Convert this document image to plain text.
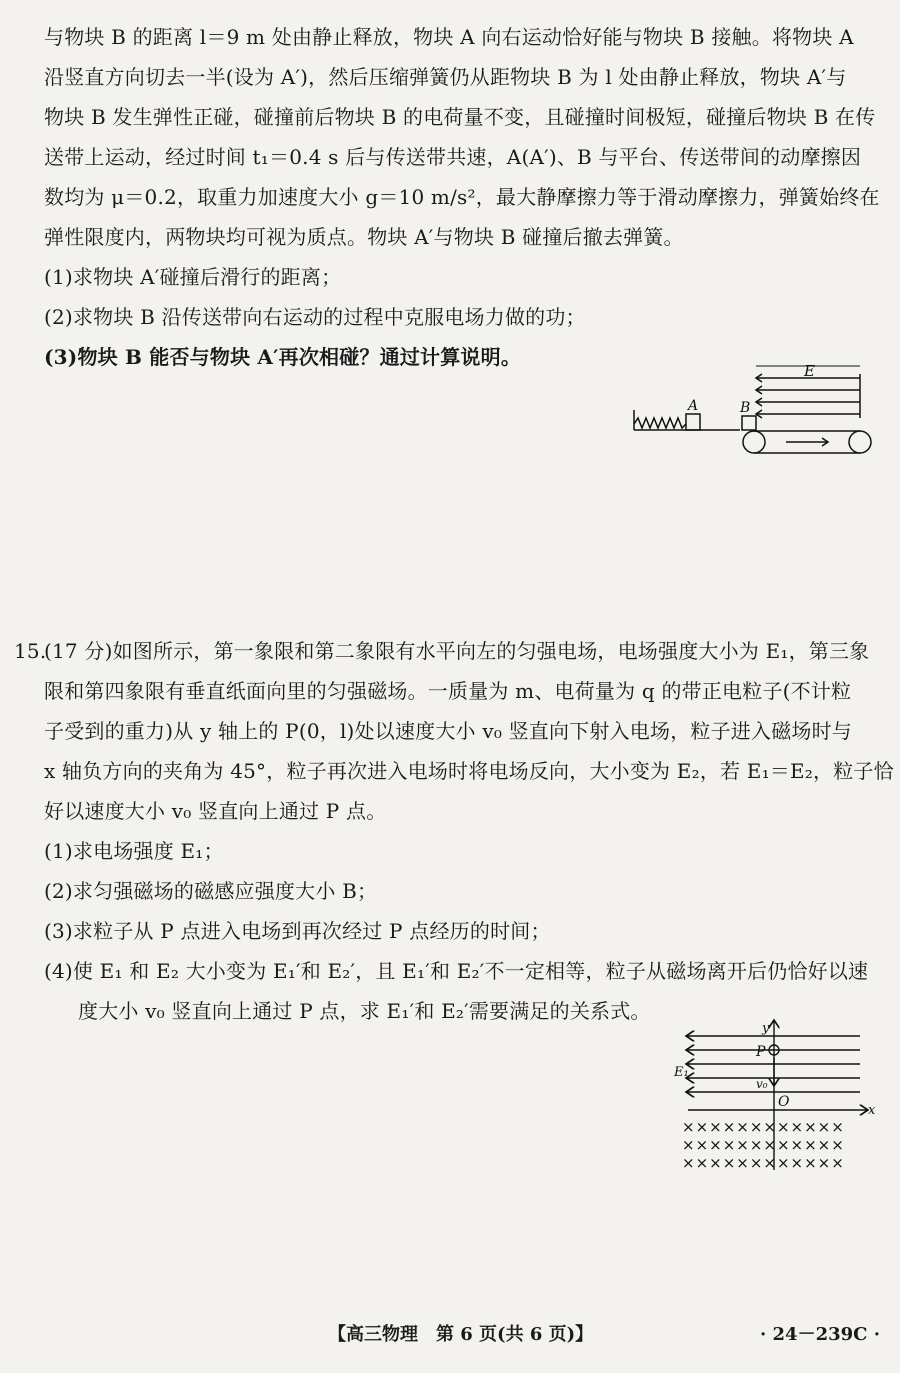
与物块 B 的距离 l＝9 m 处由静止释放，物块 A 向右运动恰好能与物块 B 接触。将物块 A
沿竖直方向切去一半(设为 A′)，然后压缩弹簧仍从距物块 B 为 l 处由静止释放，物块 A′与
物块 B 发生弹性正碰，碰撞前后物块 B 的电荷量不变，且碰撞时间极短，碰撞后物块 B 在传
送带上运动，经过时间 t₁＝0.4 s 后与传送带共速，A(A′)、B 与平台、传送带间的动摩擦因
数均为 μ＝0.2，取重力加速度大小 g＝10 m/s²，最大静摩擦力等于滑动摩擦力，弹簧始终在
弹性限度内，两物块均可视为质点。物块 A′与物块 B 碰撞后撤去弹簧。
(1)求物块 A′碰撞后滑行的距离；
(2)求物块 B 沿传送带向右运动的过程中克服电场力做的功；
(3)物块 B 能否与物块 A′再次相碰？通过计算说明。
E
A	B
15.
(17 分)如图所示，第一象限和第二象限有水平向左的匀强电场，电场强度大小为 E₁，第三象
限和第四象限有垂直纸面向里的匀强磁场。一质量为 m、电荷量为 q 的带正电粒子(不计粒
子受到的重力)从 y 轴上的 P(0，l)处以速度大小 v₀ 竖直向下射入电场，粒子进入磁场时与
x 轴负方向的夹角为 45°，粒子再次进入电场时将电场反向，大小变为 E₂，若 E₁＝E₂，粒子恰
好以速度大小 v₀ 竖直向上通过 P 点。
(1)求电场强度 E₁；
(2)求匀强磁场的磁感应强度大小 B；
(3)求粒子从 P 点进入电场到再次经过 P 点经历的时间；
(4)使 E₁ 和 E₂ 大小变为 E₁′和 E₂′，且 E₁′和 E₂′不一定相等，粒子从磁场离开后仍恰好以速
度大小 v₀ 竖直向上通过 P 点，求 E₁′和 E₂′需要满足的关系式。
y
P
E₁
v₀
O
x
××××××××××××
××××××××××××
××××××××××××
【高三物理　第 6 页(共 6 页)】	· 24－239C ·
